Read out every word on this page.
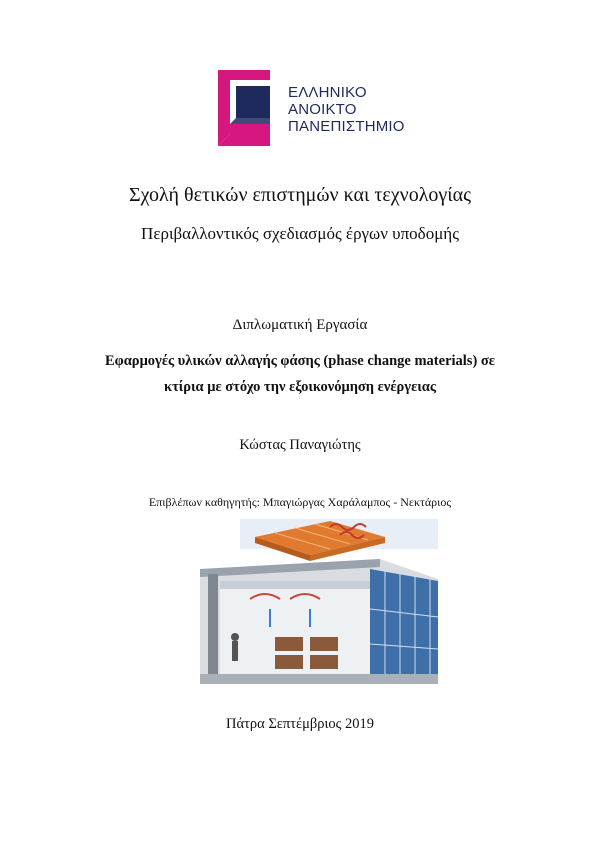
ΕΛΛΗΝΙΚΟ
ΑΝΟΙΚΤΟ
ΠΑΝΕΠΙΣΤΗΜΙΟ
Σχολή θετικών επιστημών και τεχνολογίας
Περιβαλλοντικός σχεδιασμός έργων υποδομής
Διπλωματική Εργασία
Εφαρμογές υλικών αλλαγής φάσης (phase change materials) σε
κτίρια με στόχο την εξοικονόμηση ενέργειας
Κώστας Παναγιώτης
Επιβλέπων καθηγητής: Μπαγιώργας Χαράλαμπος - Νεκτάριος
Πάτρα Σεπτέμβριος 2019
